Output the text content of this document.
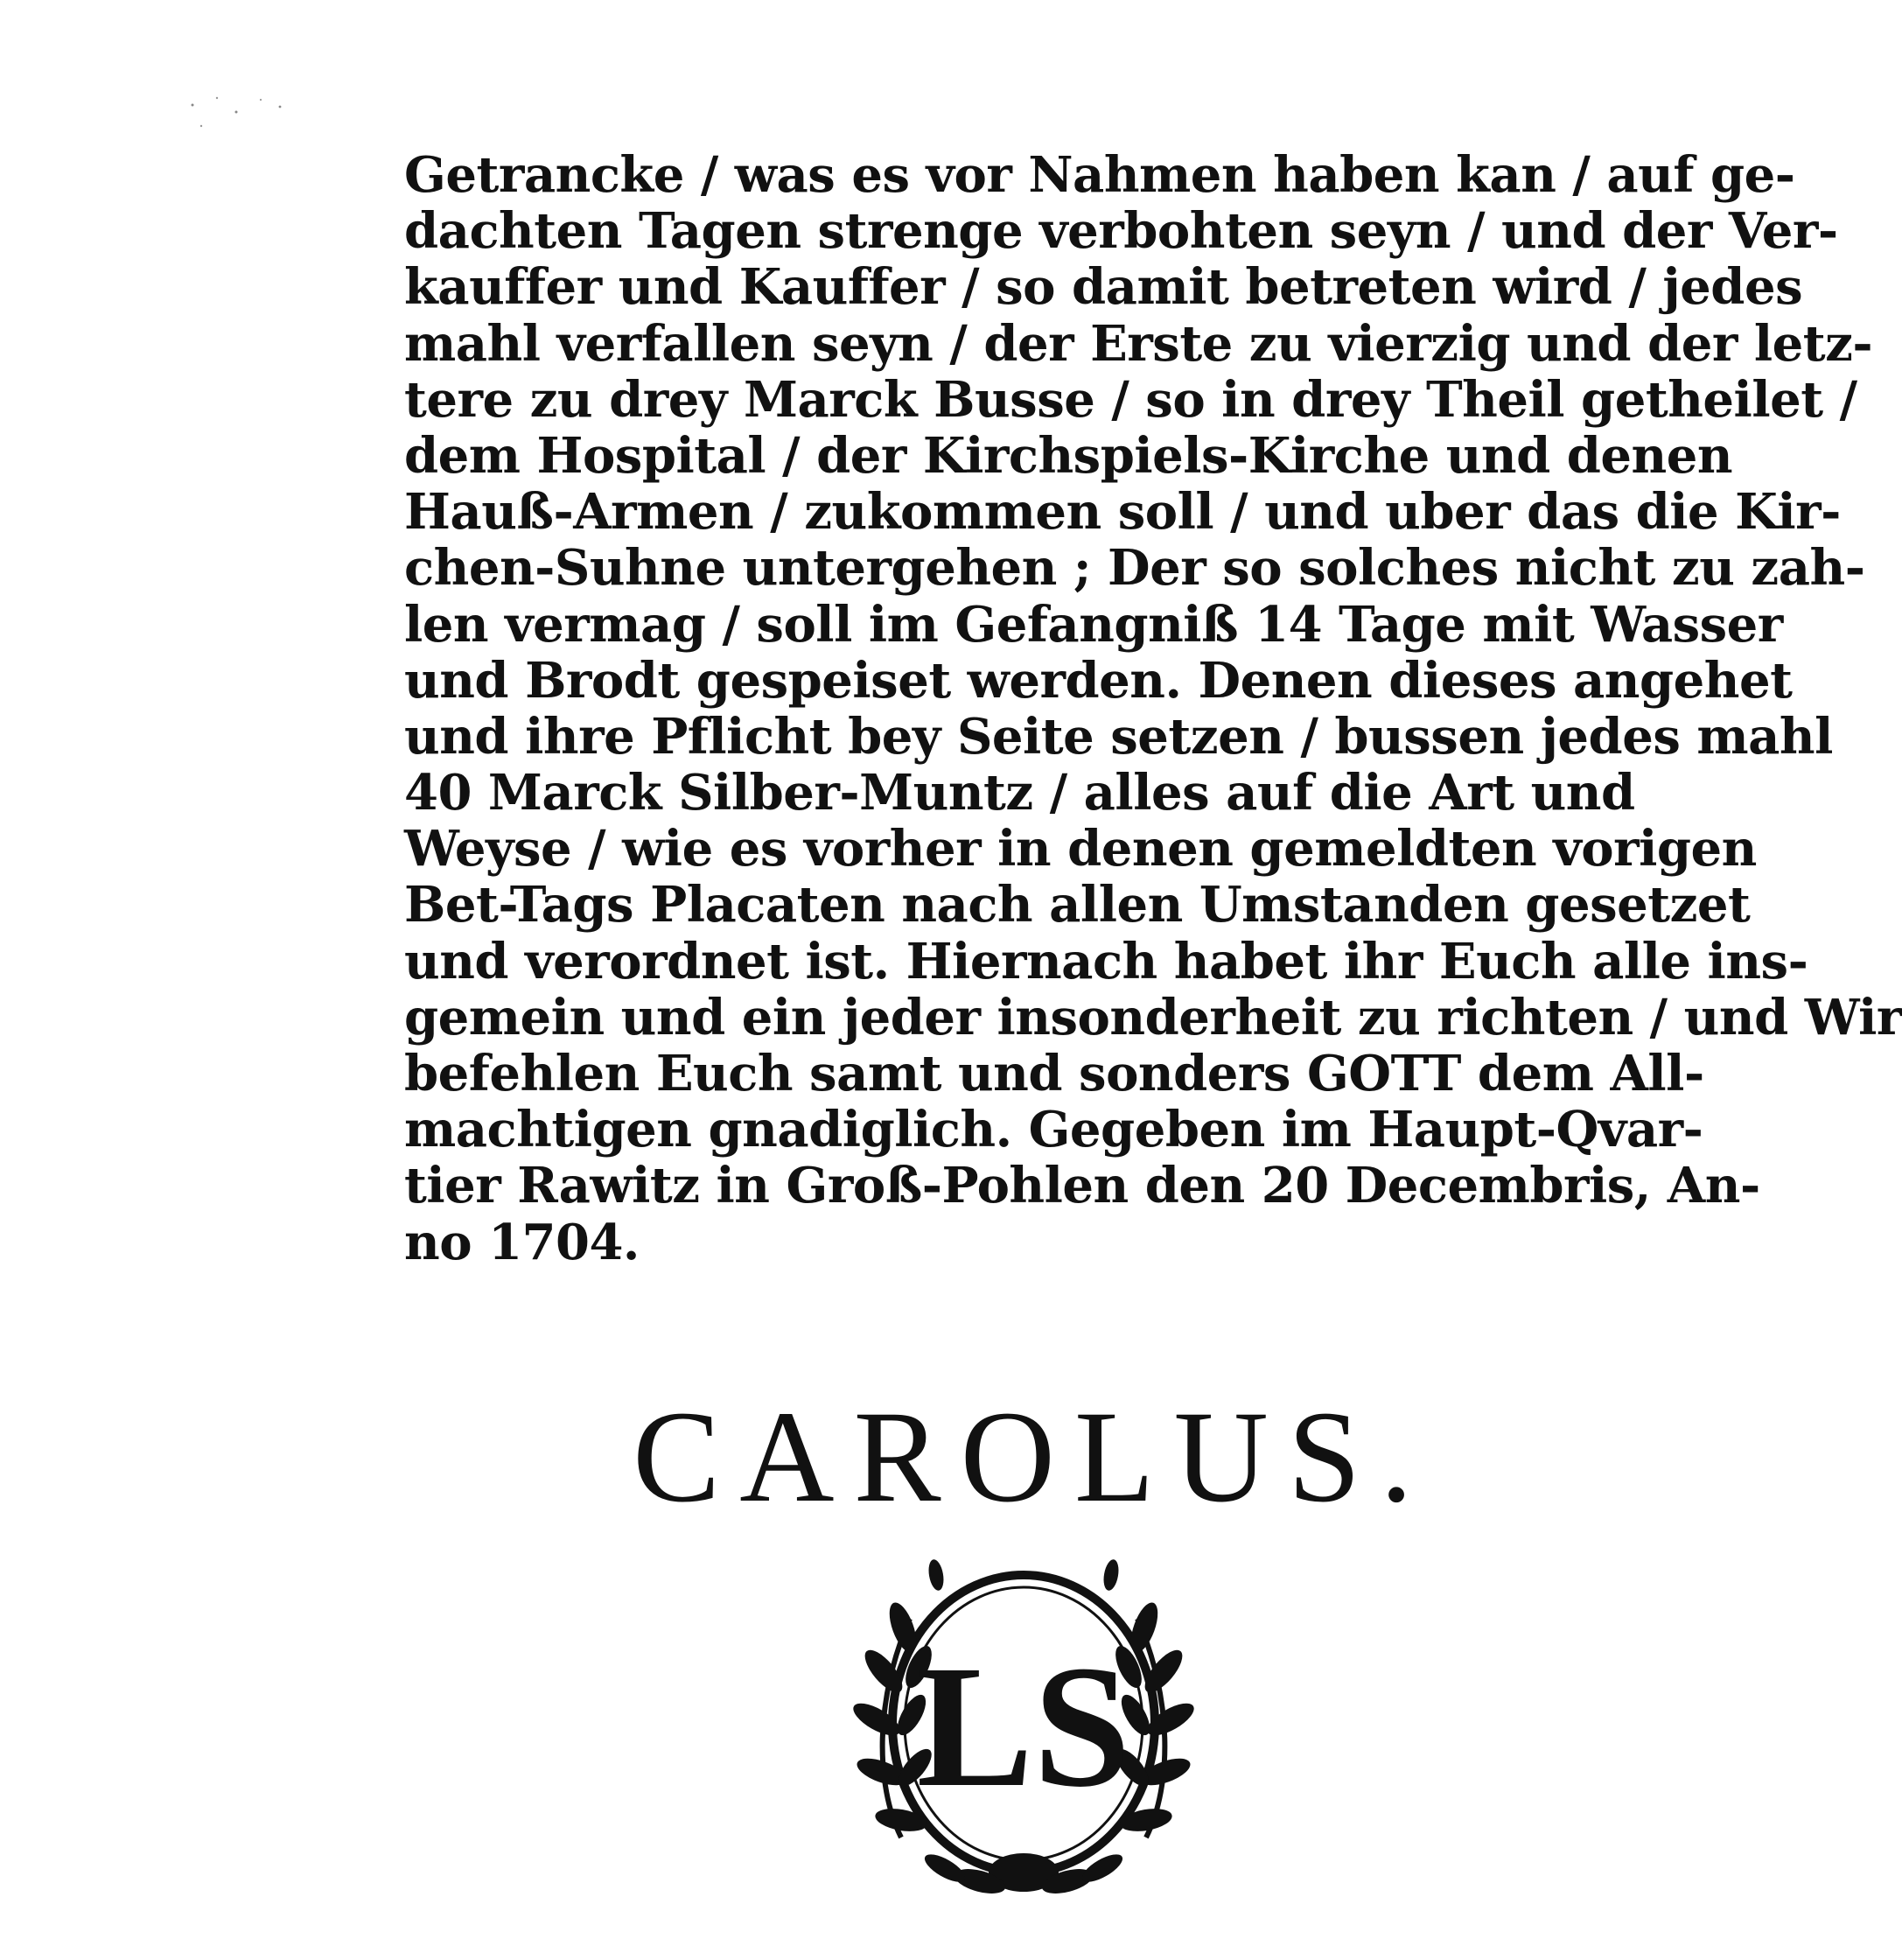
Getrancke / was es vor Nahmen haben kan / auf ge-
dachten Tagen strenge verbohten seyn / und der Ver-
kauffer und Kauffer / so damit betreten wird / jedes
mahl verfallen seyn / der Erste zu vierzig und der letz-
tere zu drey Marck Busse / so in drey Theil getheilet /
dem Hospital / der Kirchspiels-Kirche und denen
Hauß-Armen / zukommen soll / und uber das die Kir-
chen-Suhne untergehen ; Der so solches nicht zu zah-
len vermag / soll im Gefangniß 14 Tage mit Wasser
und Brodt gespeiset werden. Denen dieses angehet
und ihre Pflicht bey Seite setzen / bussen jedes mahl
40 Marck Silber-Muntz / alles auf die Art und
Weyse / wie es vorher in denen gemeldten vorigen
Bet-Tags Placaten nach allen Umstanden gesetzet
und verordnet ist. Hiernach habet ihr Euch alle ins-
gemein und ein jeder insonderheit zu richten / und Wir
befehlen Euch samt und sonders GOTT dem All-
machtigen gnadiglich. Gegeben im Haupt-Qvar-
tier Rawitz in Groß-Pohlen den 20 Decembris, An-
no 1704.
CAROLUS.
LS
